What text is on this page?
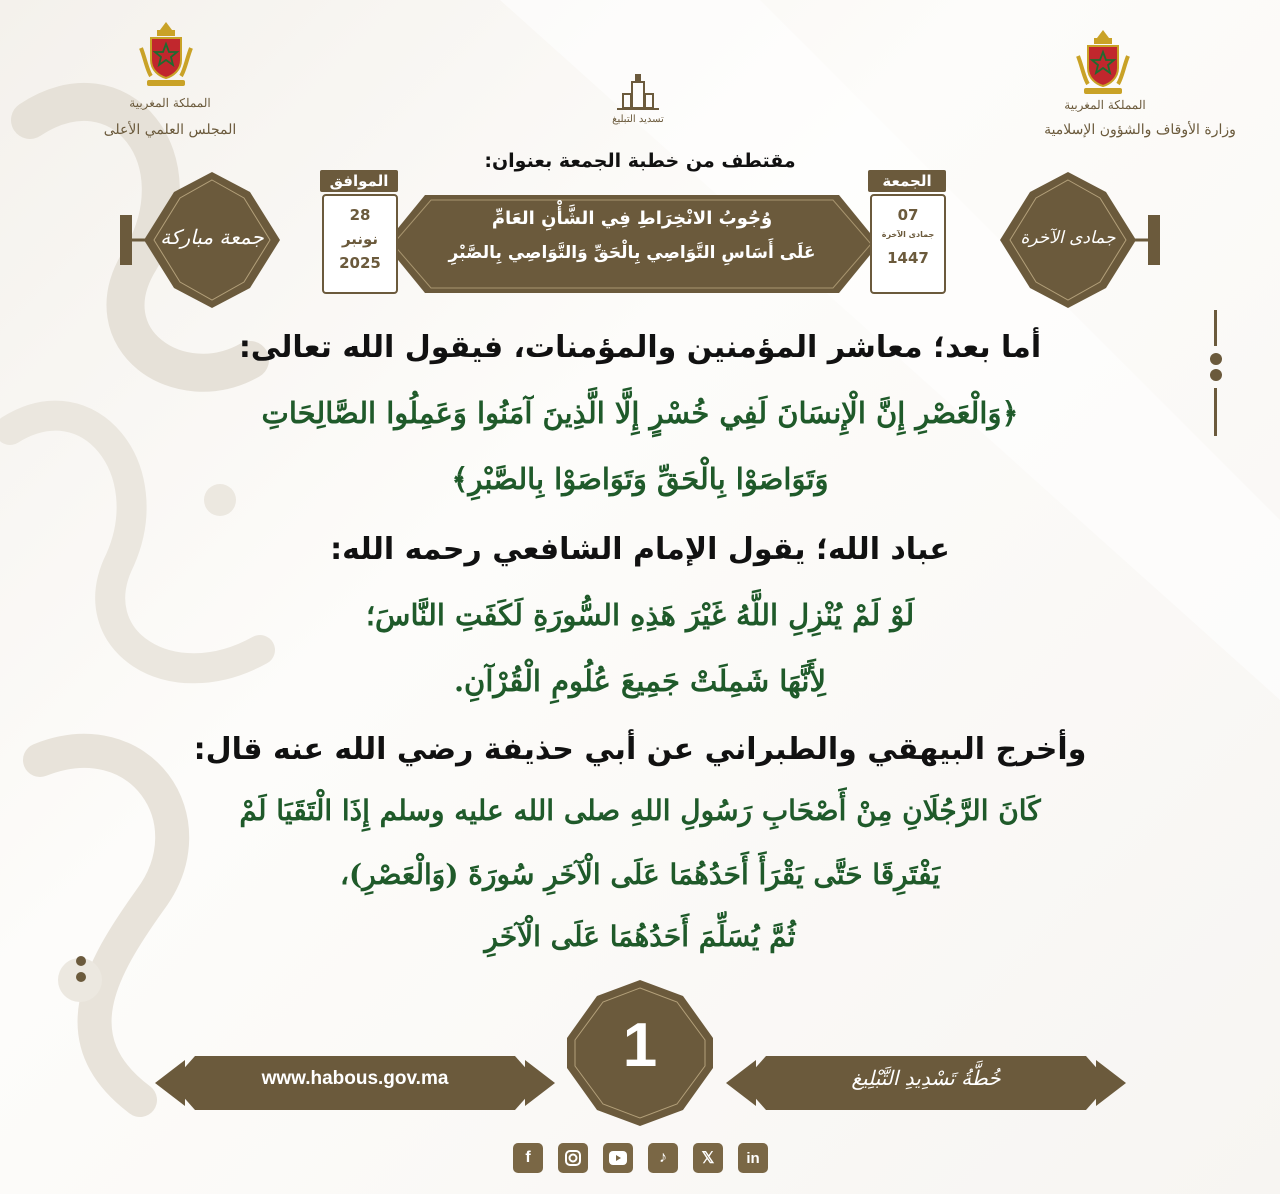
المملكة المغربية
المجلس العلمي الأعلى
المملكة المغربية
وزارة الأوقاف والشؤون الإسلامية
تسديد التبليغ
مقتطف من خطبة الجمعة بعنوان:
وُجُوبُ الانْخِرَاطِ فِي الشَّأْنِ العَامِّ
عَلَى أَسَاسِ التَّوَاصِي بِالْحَقِّ وَالتَّوَاصِي بِالصَّبْرِ
الموافق
28
نونبر
2025
الجمعة
07
جمادى الآخرة
1447
جمعة مباركة	جمادى الآخرة
أما بعد؛ معاشر المؤمنين والمؤمنات، فيقول الله تعالى:
﴿وَالْعَصْرِ إِنَّ الْإِنسَانَ لَفِي خُسْرٍ إِلَّا الَّذِينَ آمَنُوا وَعَمِلُوا الصَّالِحَاتِ
وَتَوَاصَوْا بِالْحَقِّ وَتَوَاصَوْا بِالصَّبْرِ﴾
عباد الله؛ يقول الإمام الشافعي رحمه الله:
لَوْ لَمْ يُنْزِلِ اللَّهُ غَيْرَ هَذِهِ السُّورَةِ لَكَفَتِ النَّاسَ؛
لِأَنَّهَا شَمِلَتْ جَمِيعَ عُلُومِ الْقُرْآنِ.
وأخرج البيهقي والطبراني عن أبي حذيفة رضي الله عنه قال:
كَانَ الرَّجُلَانِ مِنْ أَصْحَابِ رَسُولِ اللهِ صلى الله عليه وسلم إِذَا الْتَقَيَا لَمْ
يَفْتَرِقَا حَتَّى يَقْرَأَ أَحَدُهُمَا عَلَى الْآخَرِ سُورَةَ (وَالْعَصْرِ)،
ثُمَّ يُسَلِّمَ أَحَدُهُمَا عَلَى الْآخَرِ
www.habous.gov.ma	1	خُطَّةُ تَسْدِيدِ التَّبْلِيغ
f	♪	𝕏	in
